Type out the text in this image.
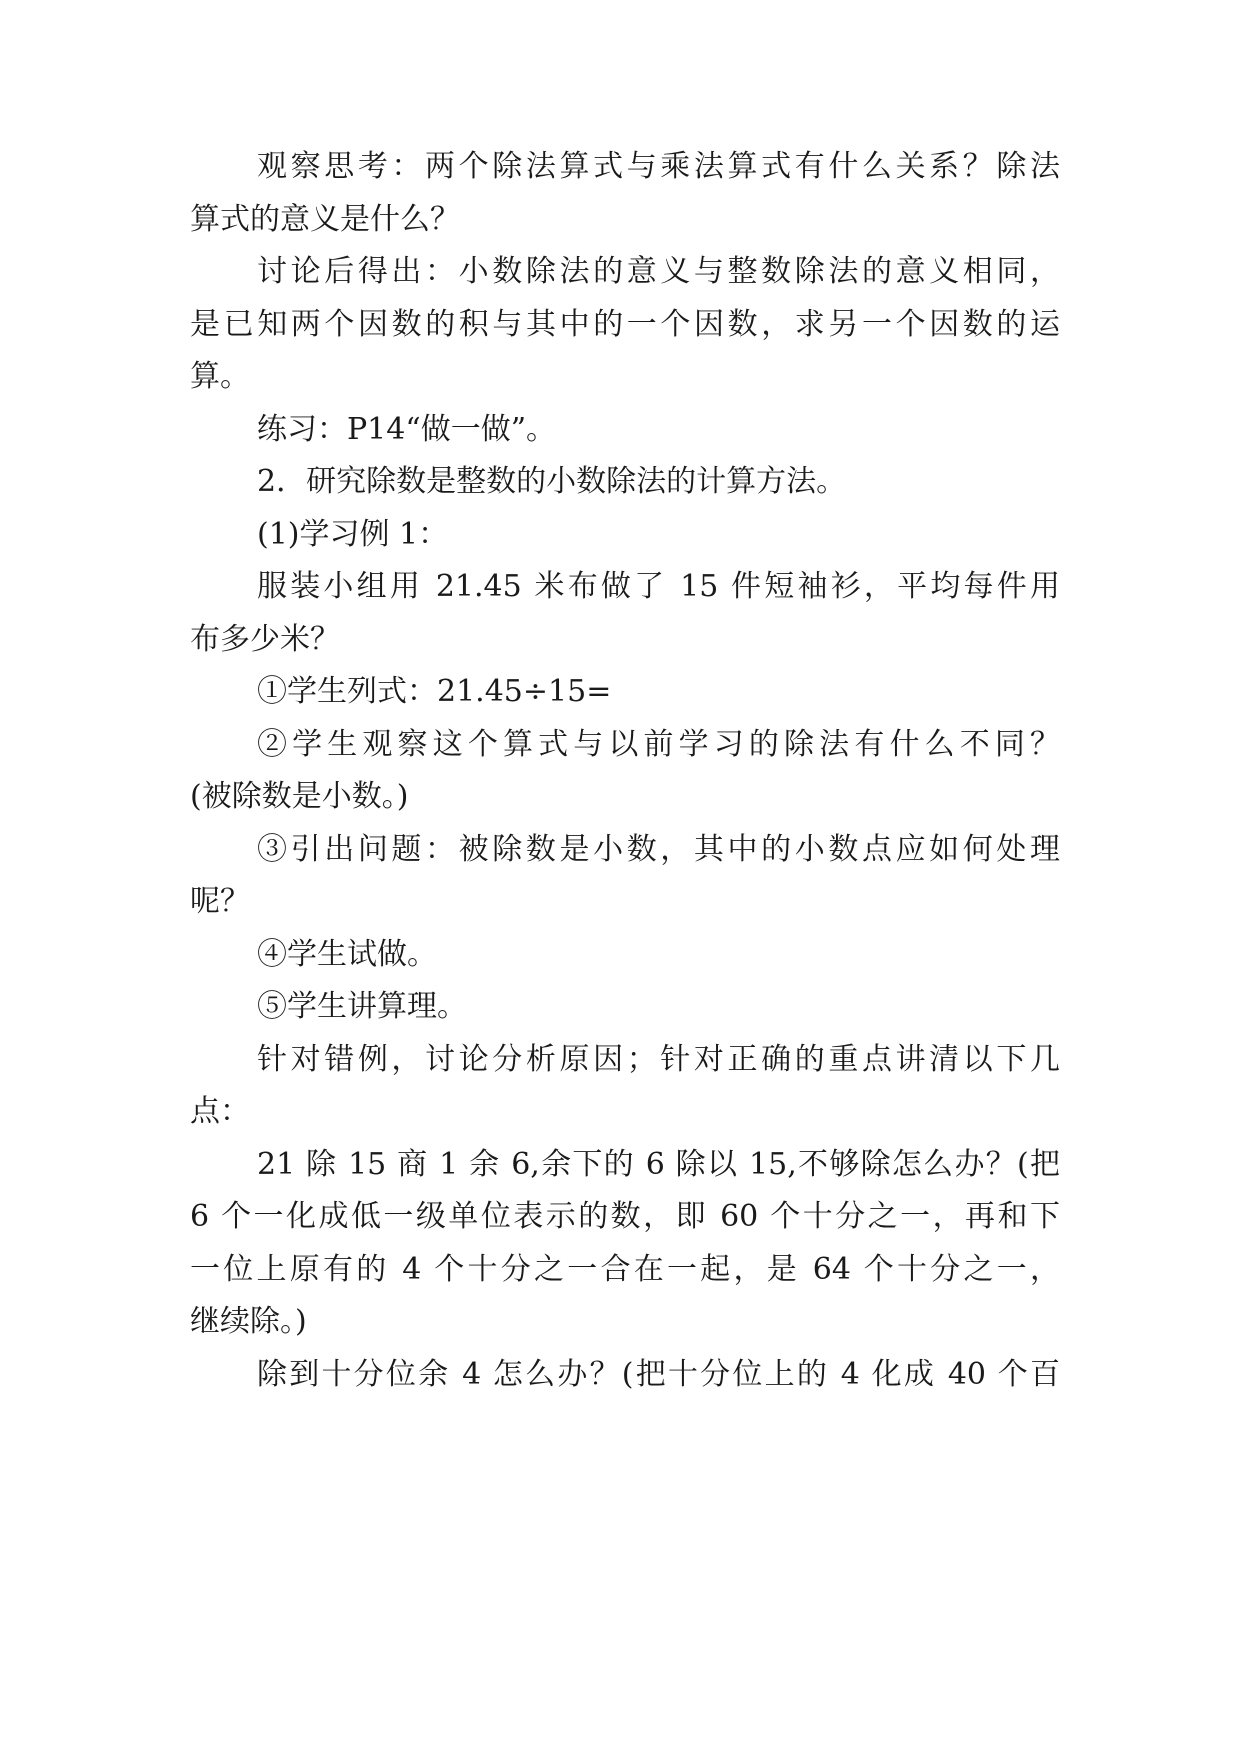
观察思考：两个除法算式与乘法算式有什么关系？除法
算式的意义是什么？
讨论后得出：小数除法的意义与整数除法的意义相同，
是已知两个因数的积与其中的一个因数，求另一个因数的运
算。
练习：P14“做一做”。
2．研究除数是整数的小数除法的计算方法。
(1)学习例 1：
服装小组用 21.45 米布做了 15 件短袖衫，平均每件用
布多少米？
①学生列式：21.45÷15=
②学生观察这个算式与以前学习的除法有什么不同？
(被除数是小数。)
③引出问题：被除数是小数，其中的小数点应如何处理
呢？
④学生试做。
⑤学生讲算理。
针对错例，讨论分析原因；针对正确的重点讲清以下几
点：
21 除 15 商 1 余 6,余下的 6 除以 15,不够除怎么办？(把
6 个一化成低一级单位表示的数，即 60 个十分之一，再和下
一位上原有的 4 个十分之一合在一起，是 64 个十分之一，
继续除。)
除到十分位余 4 怎么办？(把十分位上的 4 化成 40 个百
